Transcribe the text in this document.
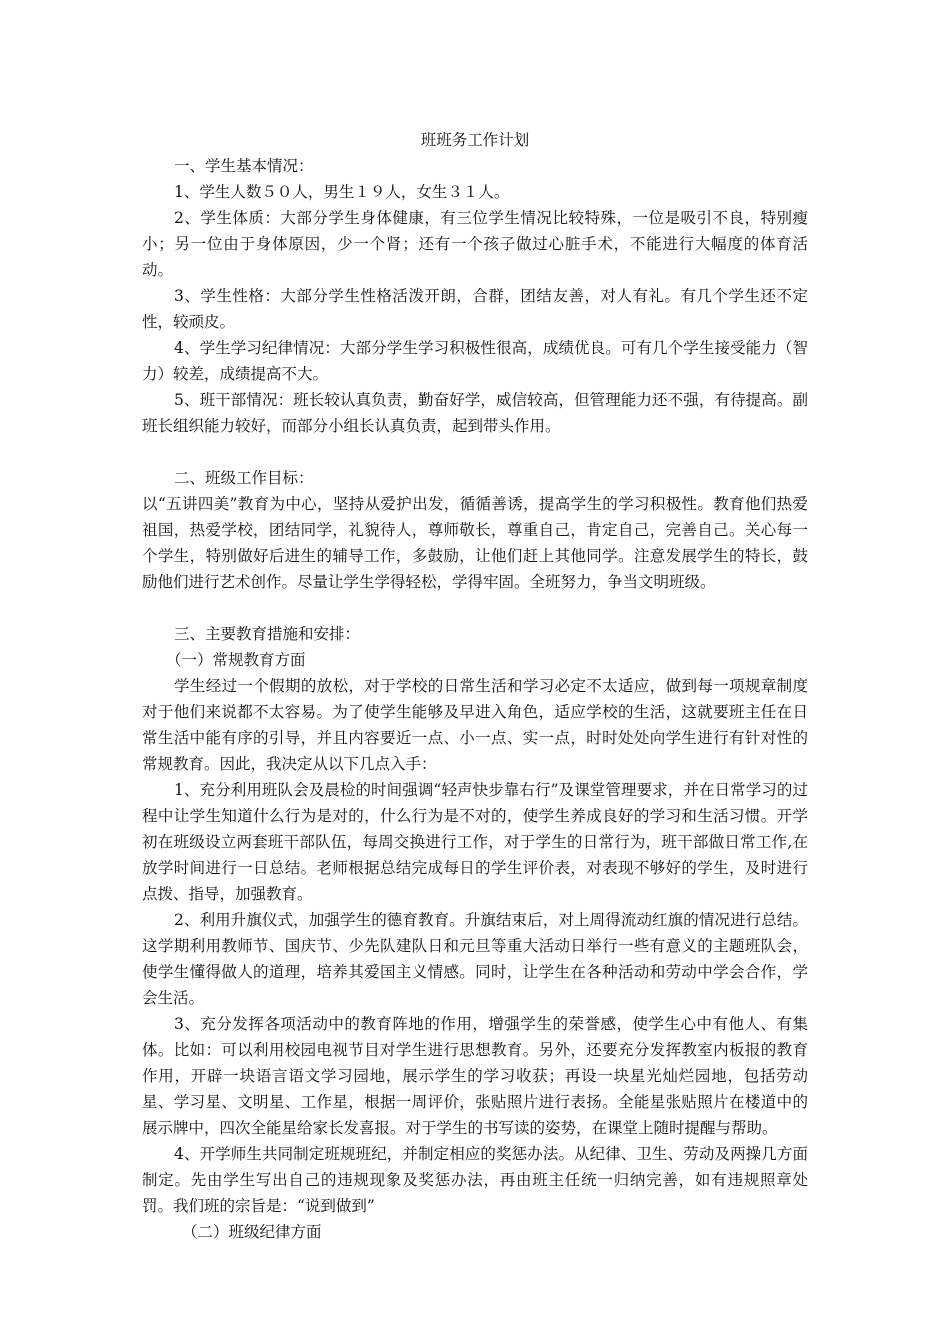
班班务工作计划

一、学生基本情况：

1、学生人数５０人，男生１９人，女生３１人。

2、学生体质：大部分学生身体健康，有三位学生情况比较特殊，一位是吸引不良，特别瘦小；另一位由于身体原因，少一个肾；还有一个孩子做过心脏手术，不能进行大幅度的体育活动。

3、学生性格：大部分学生性格活泼开朗，合群，团结友善，对人有礼。有几个学生还不定性，较顽皮。

4、学生学习纪律情况：大部分学生学习积极性很高，成绩优良。可有几个学生接受能力（智力）较差，成绩提高不大。

5、班干部情况：班长较认真负责，勤奋好学，威信较高，但管理能力还不强，有待提高。副班长组织能力较好，而部分小组长认真负责，起到带头作用。

二、班级工作目标：

以“五讲四美”教育为中心，坚持从爱护出发，循循善诱，提高学生的学习积极性。教育他们热爱祖国，热爱学校，团结同学，礼貌待人，尊师敬长，尊重自己，肯定自己，完善自己。关心每一个学生，特别做好后进生的辅导工作，多鼓励，让他们赶上其他同学。注意发展学生的特长，鼓励他们进行艺术创作。尽量让学生学得轻松，学得牢固。全班努力，争当文明班级。

三、主要教育措施和安排：

（一）常规教育方面

学生经过一个假期的放松，对于学校的日常生活和学习必定不太适应，做到每一项规章制度对于他们来说都不太容易。为了使学生能够及早进入角色，适应学校的生活，这就要班主任在日常生活中能有序的引导，并且内容要近一点、小一点、实一点，时时处处向学生进行有针对性的常规教育。因此，我决定从以下几点入手：

1、充分利用班队会及晨检的时间强调“轻声快步靠右行”及课堂管理要求，并在日常学习的过程中让学生知道什么行为是对的，什么行为是不对的，使学生养成良好的学习和生活习惯。开学初在班级设立两套班干部队伍，每周交换进行工作，对于学生的日常行为，班干部做日常工作,在放学时间进行一日总结。老师根据总结完成每日的学生评价表，对表现不够好的学生，及时进行点拨、指导，加强教育。

2、利用升旗仪式，加强学生的德育教育。升旗结束后，对上周得流动红旗的情况进行总结。这学期利用教师节、国庆节、少先队建队日和元旦等重大活动日举行一些有意义的主题班队会，使学生懂得做人的道理，培养其爱国主义情感。同时，让学生在各种活动和劳动中学会合作，学会生活。

3、充分发挥各项活动中的教育阵地的作用，增强学生的荣誉感，使学生心中有他人、有集体。比如：可以利用校园电视节目对学生进行思想教育。另外，还要充分发挥教室内板报的教育作用，开辟一块语言语文学习园地，展示学生的学习收获；再设一块星光灿烂园地，包括劳动星、学习星、文明星、工作星，根据一周评价，张贴照片进行表扬。全能星张贴照片在楼道中的展示牌中，四次全能星给家长发喜报。对于学生的书写读的姿势，在课堂上随时提醒与帮助。

4、开学师生共同制定班规班纪，并制定相应的奖惩办法。从纪律、卫生、劳动及两操几方面制定。先由学生写出自己的违规现象及奖惩办法，再由班主任统一归纳完善，如有违规照章处罚。我们班的宗旨是：“说到做到”

（二）班级纪律方面
